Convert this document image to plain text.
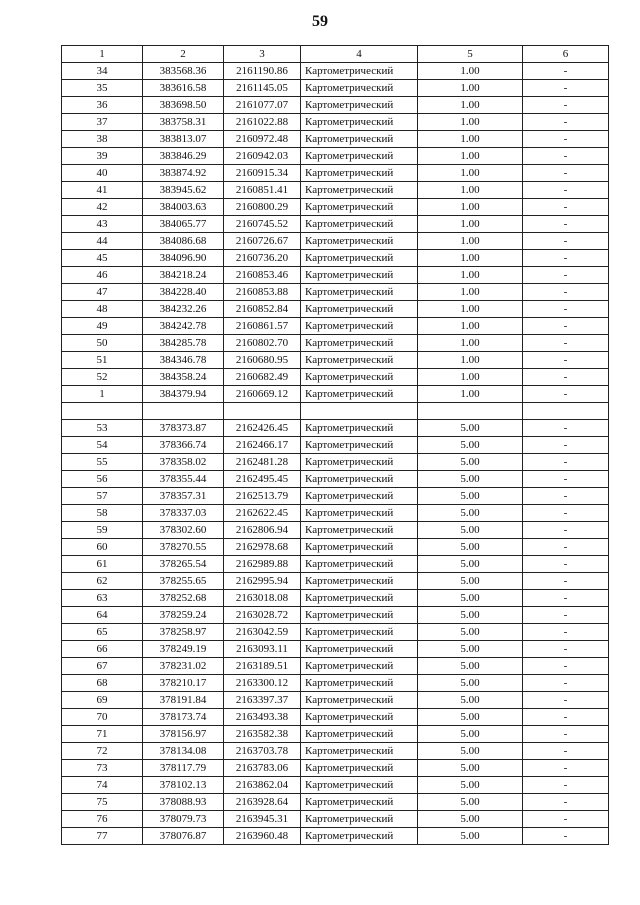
59
1	2	3	4	5	6
34	383568.36	2161190.86	Картометрический	1.00	-
35	383616.58	2161145.05	Картометрический	1.00	-
36	383698.50	2161077.07	Картометрический	1.00	-
37	383758.31	2161022.88	Картометрический	1.00	-
38	383813.07	2160972.48	Картометрический	1.00	-
39	383846.29	2160942.03	Картометрический	1.00	-
40	383874.92	2160915.34	Картометрический	1.00	-
41	383945.62	2160851.41	Картометрический	1.00	-
42	384003.63	2160800.29	Картометрический	1.00	-
43	384065.77	2160745.52	Картометрический	1.00	-
44	384086.68	2160726.67	Картометрический	1.00	-
45	384096.90	2160736.20	Картометрический	1.00	-
46	384218.24	2160853.46	Картометрический	1.00	-
47	384228.40	2160853.88	Картометрический	1.00	-
48	384232.26	2160852.84	Картометрический	1.00	-
49	384242.78	2160861.57	Картометрический	1.00	-
50	384285.78	2160802.70	Картометрический	1.00	-
51	384346.78	2160680.95	Картометрический	1.00	-
52	384358.24	2160682.49	Картометрический	1.00	-
1	384379.94	2160669.12	Картометрический	1.00	-

53	378373.87	2162426.45	Картометрический	5.00	-
54	378366.74	2162466.17	Картометрический	5.00	-
55	378358.02	2162481.28	Картометрический	5.00	-
56	378355.44	2162495.45	Картометрический	5.00	-
57	378357.31	2162513.79	Картометрический	5.00	-
58	378337.03	2162622.45	Картометрический	5.00	-
59	378302.60	2162806.94	Картометрический	5.00	-
60	378270.55	2162978.68	Картометрический	5.00	-
61	378265.54	2162989.88	Картометрический	5.00	-
62	378255.65	2162995.94	Картометрический	5.00	-
63	378252.68	2163018.08	Картометрический	5.00	-
64	378259.24	2163028.72	Картометрический	5.00	-
65	378258.97	2163042.59	Картометрический	5.00	-
66	378249.19	2163093.11	Картометрический	5.00	-
67	378231.02	2163189.51	Картометрический	5.00	-
68	378210.17	2163300.12	Картометрический	5.00	-
69	378191.84	2163397.37	Картометрический	5.00	-
70	378173.74	2163493.38	Картометрический	5.00	-
71	378156.97	2163582.38	Картометрический	5.00	-
72	378134.08	2163703.78	Картометрический	5.00	-
73	378117.79	2163783.06	Картометрический	5.00	-
74	378102.13	2163862.04	Картометрический	5.00	-
75	378088.93	2163928.64	Картометрический	5.00	-
76	378079.73	2163945.31	Картометрический	5.00	-
77	378076.87	2163960.48	Картометрический	5.00	-
